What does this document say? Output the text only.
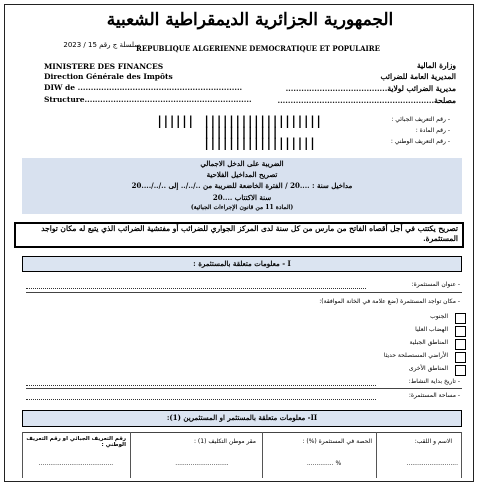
الجمهورية الجزائرية الديمقراطية الشعبية
REPUBLIQUE ALGERIENNE DEMOCRATIQUE ET POPULAIRE
سلسلة ج رقم 15 / 2023
MINISTERE DES FINANCES
Direction Générale des Impôts
DIW de ...............................................................
Structure................................................................
وزارة المالية
المديرية العامة للضرائب
مديرية الضرائب لولاية.......................................
مصلحة............................................................
|||||| |||||||||||||||||||
||||||||||||
||||||||||||||||||
- رقم التعريف الجبائي :
- رقم المادة :
- رقم التعريف الوطني :
الضريبة على الدخل الاجمالي
تصريح المداخيل الفلاحية
مداخيل سنة : ....20 / الفترة الخاضعة للضريبة من ../../.. إلى ../../....20
سنة الاكتتاب ....20
(المادة 11 من قانون الإجراءات الجبائية)
تصريح يكتتب في أجل أقصاه الفاتح من مارس من كل سنة لدى المركز الجواري للضرائب أو مفتشية الضرائب الذي يتبع له مكان تواجد المستثمرة.
I - معلومات متعلقة بالمستثمرة :
- عنوان المستثمرة:
- مكان تواجد المستثمرة (ضع علامة في الخانة الموافقة):
الجنوب
الهضاب العليا
المناطق الجبلية
الأراضي المستصلحة حديثا
المناطق الأخرى
- تاريخ بداية النشاط:
- مساحة المستثمرة:
II- معلومات متعلقة بالمستثمر او المستثمرين (1):
الاسم و اللقب:
الحصة في المستثمرة (%) :
مقر موطن التكليف (1) :
رقم التعريف الجبائي او رقم التعريف الوطني :
...........................
.............. %
............................
.......................................
